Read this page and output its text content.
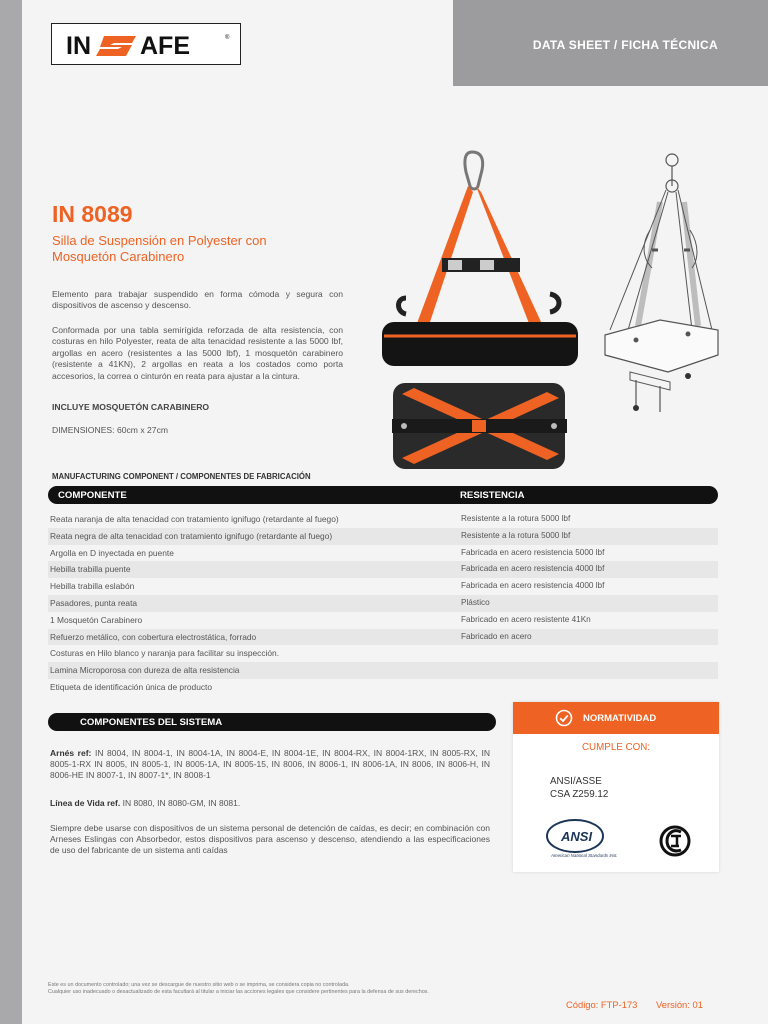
DATA SHEET / FICHA TÉCNICA
IN AFE	®
IN 8089
Silla de Suspensión en Polyester con Mosquetón Carabinero
Elemento para trabajar suspendido en forma cómoda y segura con dispositivos de ascenso y descenso.
Conformada por una tabla semirígida reforzada de alta resistencia, con costuras en hilo Polyester, reata de alta tenacidad resistente a las 5000 lbf, argollas en acero (resistentes a las 5000 lbf), 1 mosquetón carabinero (resistente a 41KN), 2 argollas en reata a los costados como porta accesorios, la correa o cinturón en reata para ajustar a la cintura.
INCLUYE MOSQUETÓN CARABINERO
DIMENSIONES: 60cm x 27cm
MANUFACTURING COMPONENT / COMPONENTES DE FABRICACIÓN
COMPONENTE	RESISTENCIA
Reata naranja de alta tenacidad con tratamiento ignifugo (retardante al fuego)	Resistente a la rotura 5000 lbf
Reata negra de alta tenacidad con tratamiento ignifugo (retardante al fuego)	Resistente a la rotura 5000 lbf
Argolla en D inyectada en puente	Fabricada en acero resistencia 5000 lbf
Hebilla trabilla puente	Fabricada en acero resistencia 4000 lbf
Hebilla trabilla eslabón	Fabricada en acero resistencia 4000 lbf
Pasadores, punta reata	Plástico
1 Mosquetón Carabinero	Fabricado en acero resistente 41Kn
Refuerzo metálico, con cobertura electrostática, forrado	Fabricado en acero
Costuras en Hilo blanco y naranja para facilitar su inspección.
Lamina Microporosa con dureza de alta resistencia
Etiqueta de identificación única de producto
COMPONENTES DEL SISTEMA
Arnés ref: IN 8004, IN 8004-1, IN 8004-1A, IN 8004-E, IN 8004-1E, IN 8004-RX, IN 8004-1RX, IN 8005-RX, IN 8005-1-RX IN 8005, IN 8005-1, IN 8005-1A, IN 8005-15, IN 8006, IN 8006-1, IN 8006-1A, IN 8006, IN 8006-H, IN 8006-HE IN 8007-1, IN 8007-1*, IN 8008-1
Línea de Vida ref. IN 8080, IN 8080-GM, IN 8081.
Siempre debe usarse con dispositivos de un sistema personal de detención de caídas, es decir; en combinación con Arneses Eslingas con Absorbedor, estos dispositivos para ascenso y descenso, atendiendo a las especificaciones de uso del fabricante de un sistema anti caídas
NORMATIVIDAD
CUMPLE CON:
ANSI/ASSE
CSA Z259.12
ANSI
American National Standards Inst.
Este es un documento controlado; una vez se descargue de nuestro sitio web o se imprima, se considera copia no controlada.
Cualquier uso inadecuado o desactualizado de esta facultará al titular a iniciar las acciones legales que considere pertinentes para la defensa de sus derechos.
Código: FTP-173 Versión: 01
